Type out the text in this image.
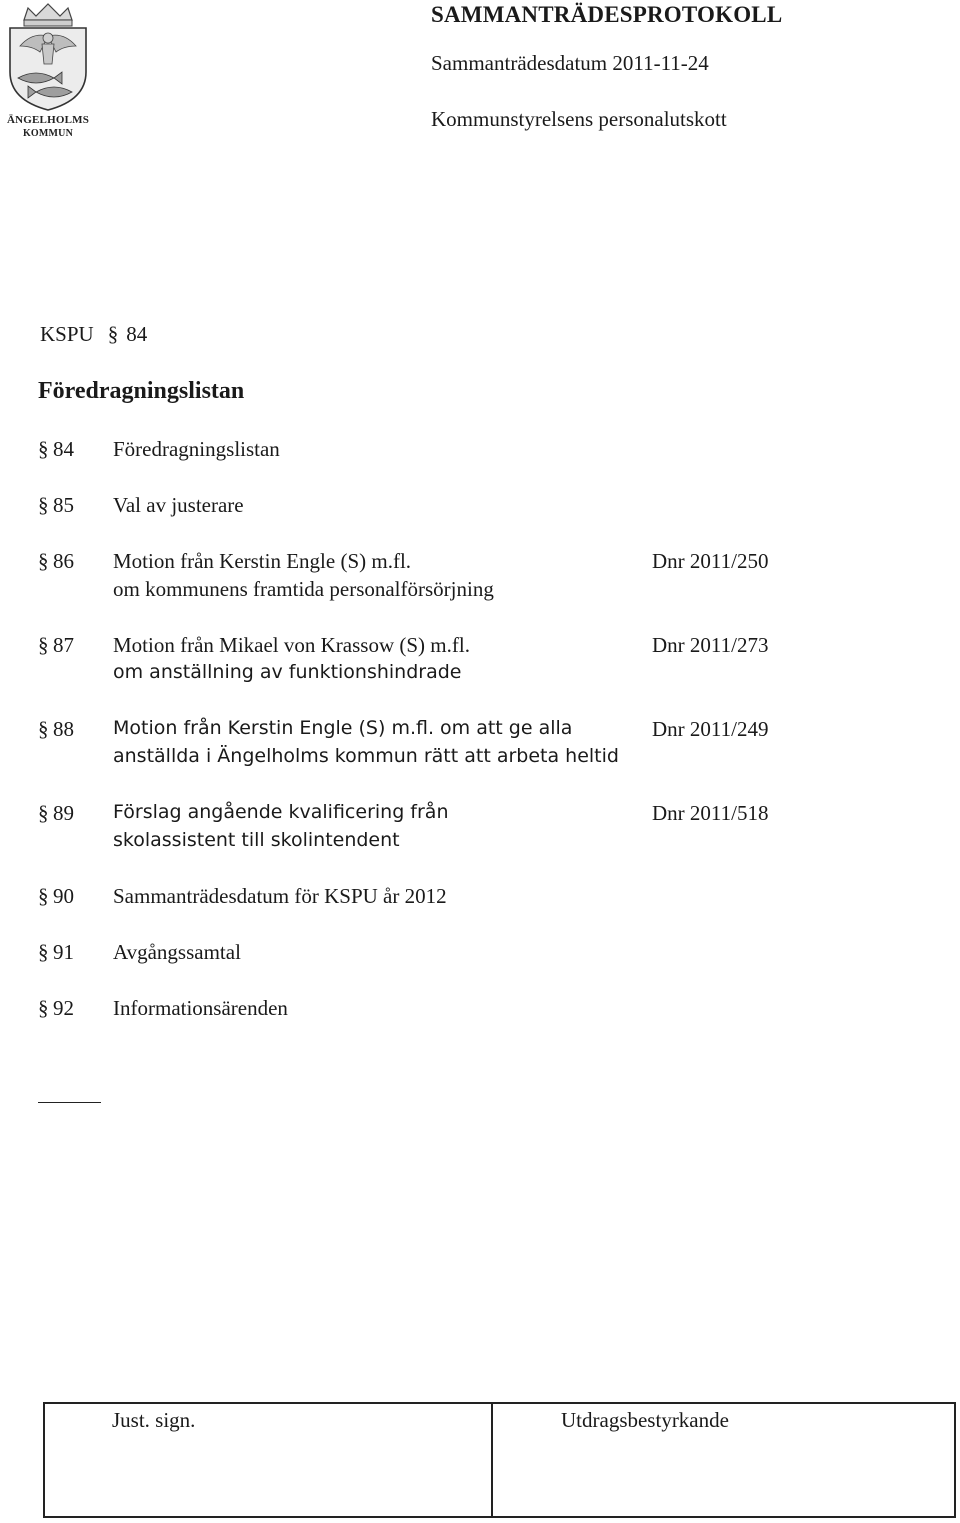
ÄNGELHOLMS
KOMMUN
SAMMANTRÄDESPROTOKOLL
Sammanträdesdatum 2011-11-24
Kommunstyrelsens personalutskott
KSPU § 84
Föredragningslistan
§ 84 Föredragningslistan
§ 85 Val av justerare
§ 86 Motion från Kerstin Engle (S) m.fl.
om kommunens framtida personalförsörjning
Dnr 2011/250
§ 87 Motion från Mikael von Krassow (S) m.fl.
om anställning av funktionshindrade
Dnr 2011/273
§ 88 Motion från Kerstin Engle (S) m.fl. om att ge alla
anställda i Ängelholms kommun rätt att arbeta heltid
Dnr 2011/249
§ 89 Förslag angående kvalificering från
skolassistent till skolintendent
Dnr 2011/518
§ 90 Sammanträdesdatum för KSPU år 2012
§ 91 Avgångssamtal
§ 92 Informationsärenden
Just. sign.	Utdragsbestyrkande
